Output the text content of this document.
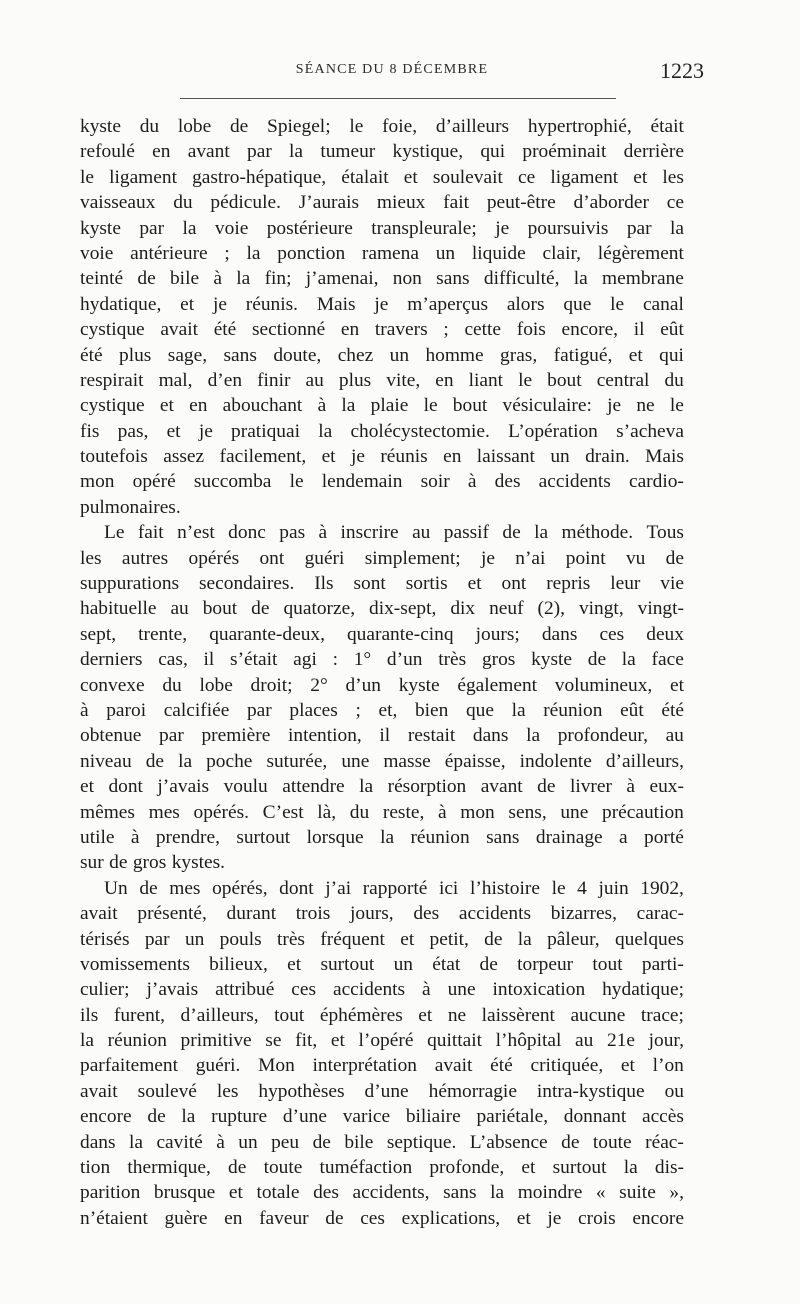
SÉANCE DU 8 DÉCEMBRE	1223
kyste du lobe de Spiegel; le foie, d’ailleurs hypertrophié, était
refoulé en avant par la tumeur kystique, qui proéminait derrière
le ligament gastro-hépatique, étalait et soulevait ce ligament et les
vaisseaux du pédicule. J’aurais mieux fait peut-être d’aborder ce
kyste par la voie postérieure transpleurale; je poursuivis par la
voie antérieure ; la ponction ramena un liquide clair, légèrement
teinté de bile à la fin; j’amenai, non sans difficulté, la membrane
hydatique, et je réunis. Mais je m’aperçus alors que le canal
cystique avait été sectionné en travers ; cette fois encore, il eût
été plus sage, sans doute, chez un homme gras, fatigué, et qui
respirait mal, d’en finir au plus vite, en liant le bout central du
cystique et en abouchant à la plaie le bout vésiculaire: je ne le
fis pas, et je pratiquai la cholécystectomie. L’opération s’acheva
toutefois assez facilement, et je réunis en laissant un drain. Mais
mon opéré succomba le lendemain soir à des accidents cardio-
pulmonaires.
Le fait n’est donc pas à inscrire au passif de la méthode. Tous
les autres opérés ont guéri simplement; je n’ai point vu de
suppurations secondaires. Ils sont sortis et ont repris leur vie
habituelle au bout de quatorze, dix-sept, dix neuf (2), vingt, vingt-
sept, trente, quarante-deux, quarante-cinq jours; dans ces deux
derniers cas, il s’était agi : 1° d’un très gros kyste de la face
convexe du lobe droit; 2° d’un kyste également volumineux, et
à paroi calcifiée par places ; et, bien que la réunion eût été
obtenue par première intention, il restait dans la profondeur, au
niveau de la poche suturée, une masse épaisse, indolente d’ailleurs,
et dont j’avais voulu attendre la résorption avant de livrer à eux-
mêmes mes opérés. C’est là, du reste, à mon sens, une précaution
utile à prendre, surtout lorsque la réunion sans drainage a porté
sur de gros kystes.
Un de mes opérés, dont j’ai rapporté ici l’histoire le 4 juin 1902,
avait présenté, durant trois jours, des accidents bizarres, carac-
térisés par un pouls très fréquent et petit, de la pâleur, quelques
vomissements bilieux, et surtout un état de torpeur tout parti-
culier; j’avais attribué ces accidents à une intoxication hydatique;
ils furent, d’ailleurs, tout éphémères et ne laissèrent aucune trace;
la réunion primitive se fit, et l’opéré quittait l’hôpital au 21e jour,
parfaitement guéri. Mon interprétation avait été critiquée, et l’on
avait soulevé les hypothèses d’une hémorragie intra-kystique ou
encore de la rupture d’une varice biliaire pariétale, donnant accès
dans la cavité à un peu de bile septique. L’absence de toute réac-
tion thermique, de toute tuméfaction profonde, et surtout la dis-
parition brusque et totale des accidents, sans la moindre « suite »,
n’étaient guère en faveur de ces explications, et je crois encore
